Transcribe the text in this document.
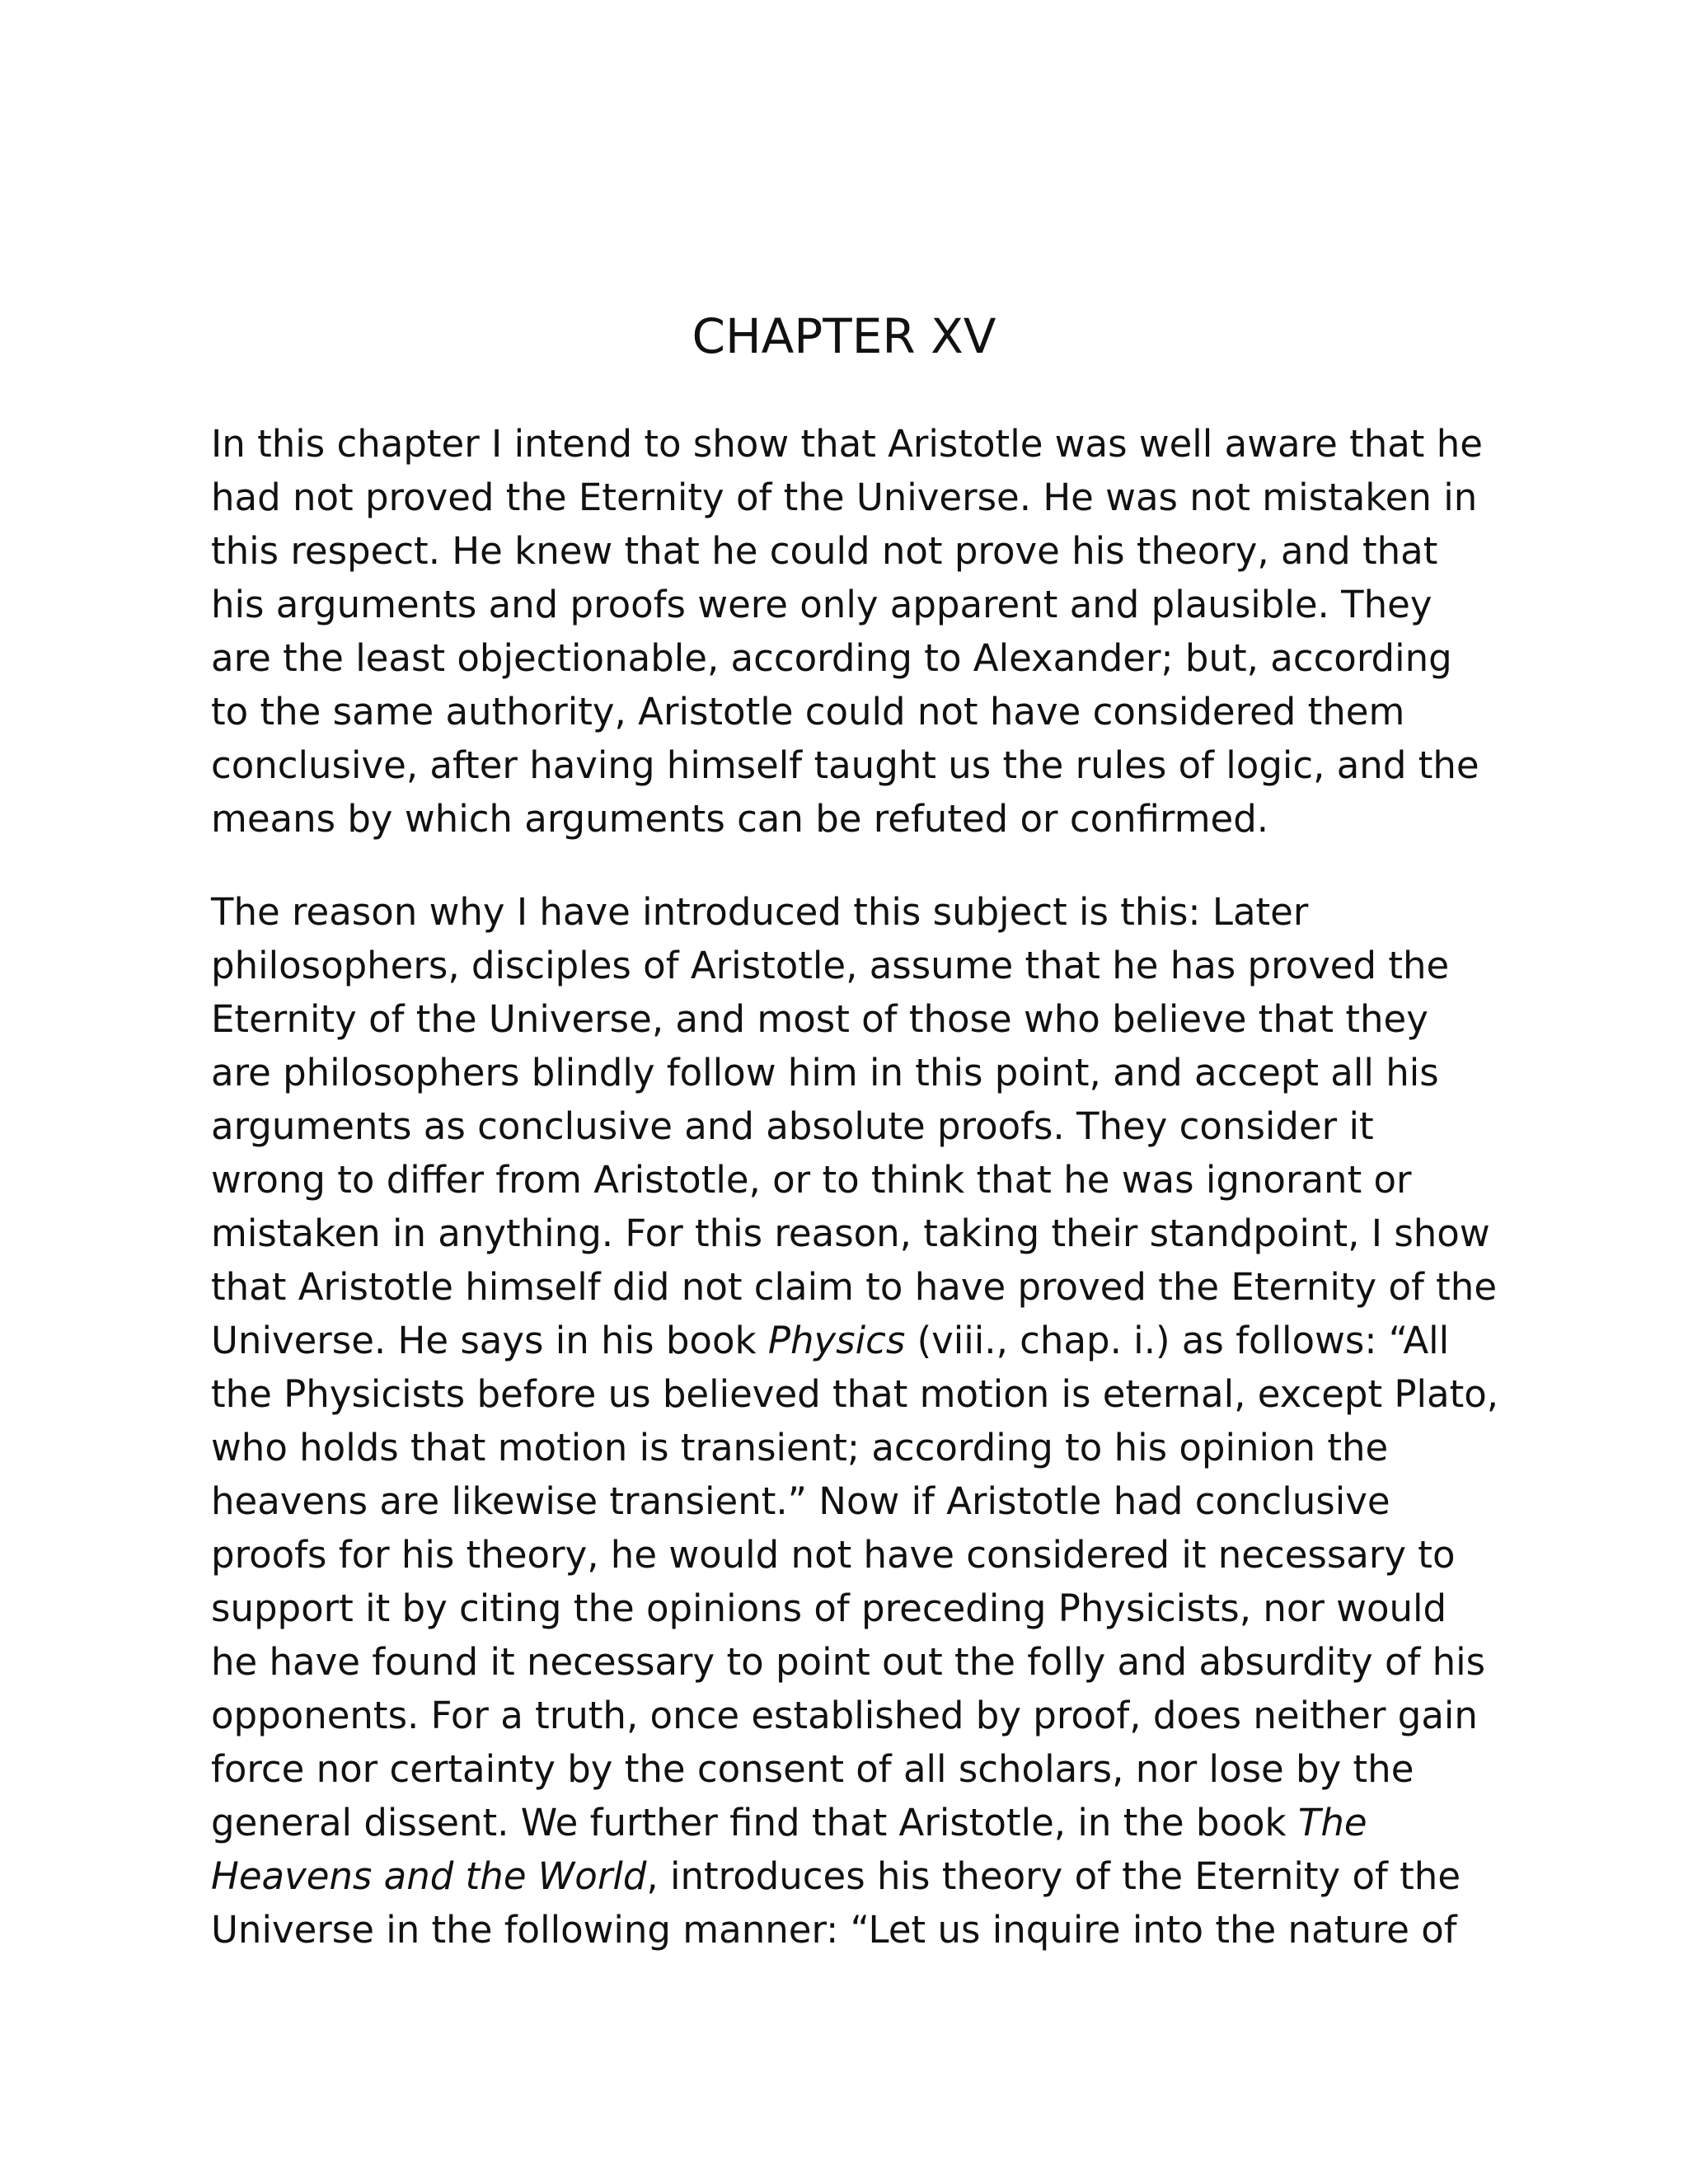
CHAPTER XV

In this chapter I intend to show that Aristotle was well aware that he
had not proved the Eternity of the Universe. He was not mistaken in
this respect. He knew that he could not prove his theory, and that
his arguments and proofs were only apparent and plausible. They
are the least objectionable, according to Alexander; but, according
to the same authority, Aristotle could not have considered them
conclusive, after having himself taught us the rules of logic, and the
means by which arguments can be refuted or confirmed.

The reason why I have introduced this subject is this: Later
philosophers, disciples of Aristotle, assume that he has proved the
Eternity of the Universe, and most of those who believe that they
are philosophers blindly follow him in this point, and accept all his
arguments as conclusive and absolute proofs. They consider it
wrong to differ from Aristotle, or to think that he was ignorant or
mistaken in anything. For this reason, taking their standpoint, I show
that Aristotle himself did not claim to have proved the Eternity of the
Universe. He says in his book Physics (viii., chap. i.) as follows: “All
the Physicists before us believed that motion is eternal, except Plato,
who holds that motion is transient; according to his opinion the
heavens are likewise transient.” Now if Aristotle had conclusive
proofs for his theory, he would not have considered it necessary to
support it by citing the opinions of preceding Physicists, nor would
he have found it necessary to point out the folly and absurdity of his
opponents. For a truth, once established by proof, does neither gain
force nor certainty by the consent of all scholars, nor lose by the
general dissent. We further find that Aristotle, in the book The
Heavens and the World, introduces his theory of the Eternity of the
Universe in the following manner: “Let us inquire into the nature of
